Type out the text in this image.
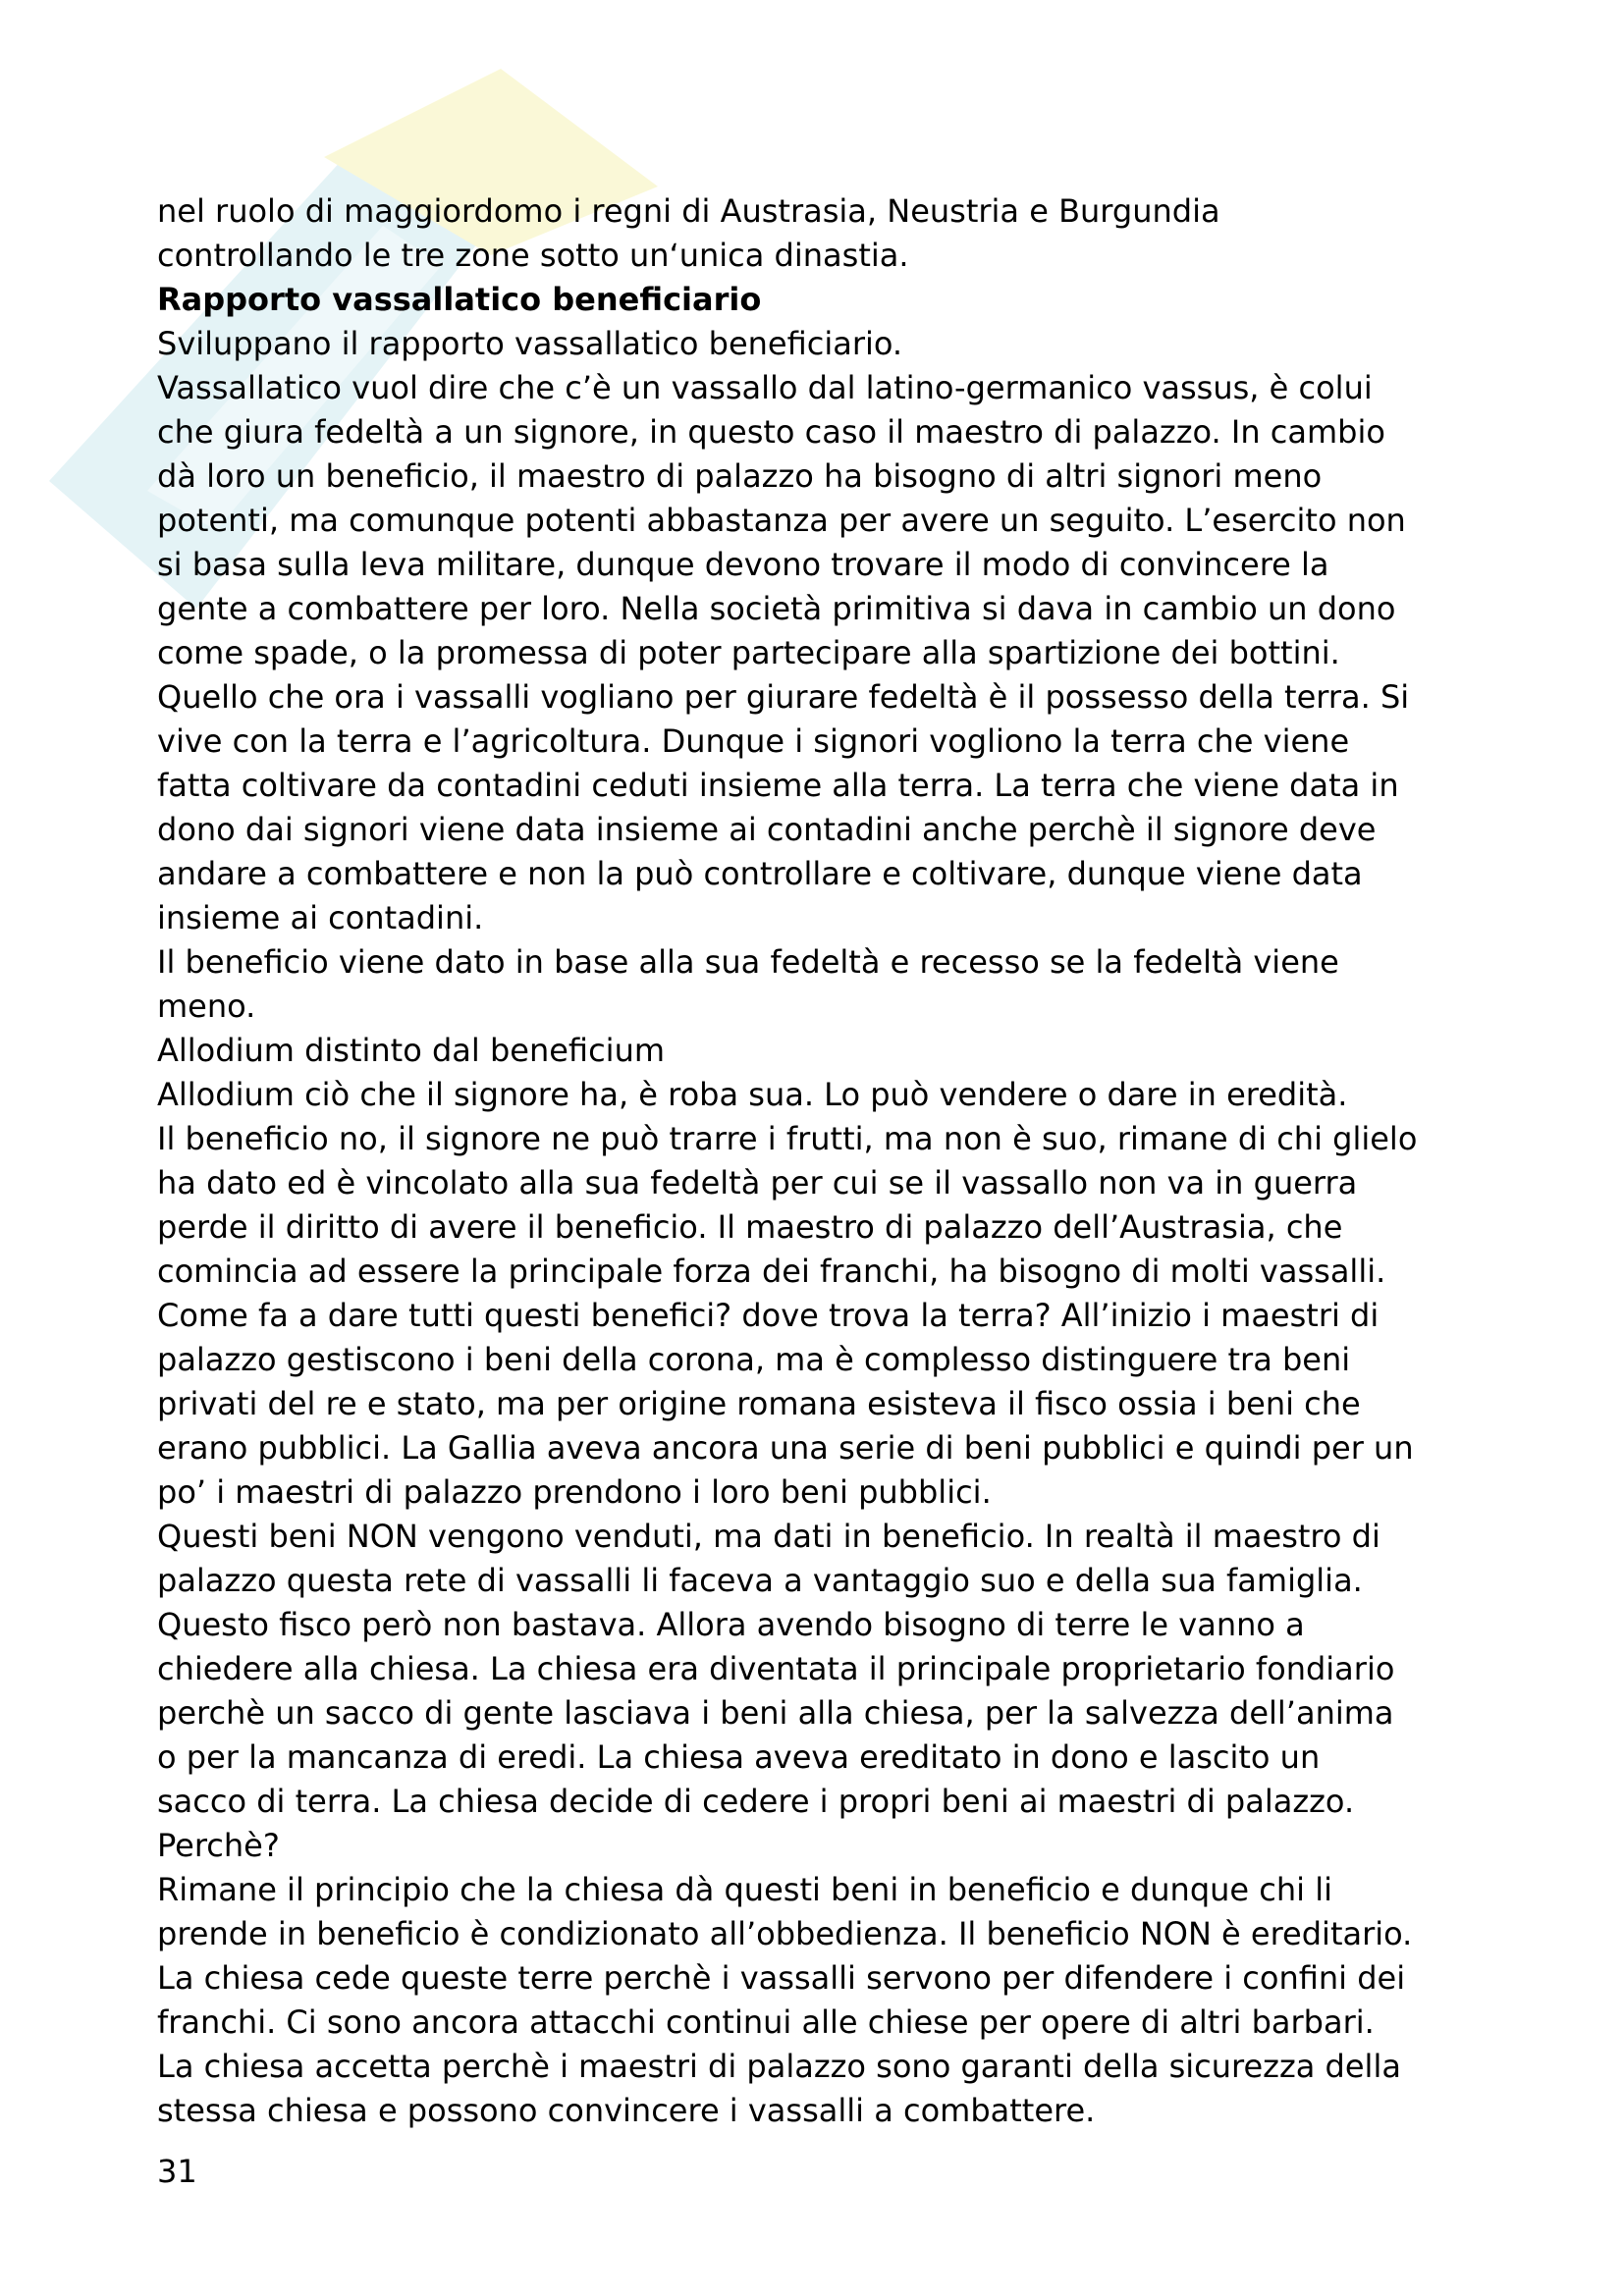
nel ruolo di maggiordomo i regni di Austrasia, Neustria e Burgundia
controllando le tre zone sotto un‘unica dinastia.
Rapporto vassallatico beneficiario
Sviluppano il rapporto vassallatico beneficiario.
Vassallatico vuol dire che c’è un vassallo dal latino-germanico vassus, è colui
che giura fedeltà a un signore, in questo caso il maestro di palazzo. In cambio
dà loro un beneficio, il maestro di palazzo ha bisogno di altri signori meno
potenti, ma comunque potenti abbastanza per avere un seguito. L’esercito non
si basa sulla leva militare, dunque devono trovare il modo di convincere la
gente a combattere per loro. Nella società primitiva si dava in cambio un dono
come spade, o la promessa di poter partecipare alla spartizione dei bottini.
Quello che ora i vassalli vogliano per giurare fedeltà è il possesso della terra. Si
vive con la terra e l’agricoltura. Dunque i signori vogliono la terra che viene
fatta coltivare da contadini ceduti insieme alla terra. La terra che viene data in
dono dai signori viene data insieme ai contadini anche perchè il signore deve
andare a combattere e non la può controllare e coltivare, dunque viene data
insieme ai contadini.
Il beneficio viene dato in base alla sua fedeltà e recesso se la fedeltà viene
meno.
Allodium distinto dal beneficium
Allodium ciò che il signore ha, è roba sua. Lo può vendere o dare in eredità.
Il beneficio no, il signore ne può trarre i frutti, ma non è suo, rimane di chi glielo
ha dato ed è vincolato alla sua fedeltà per cui se il vassallo non va in guerra
perde il diritto di avere il beneficio. Il maestro di palazzo dell’Austrasia, che
comincia ad essere la principale forza dei franchi, ha bisogno di molti vassalli.
Come fa a dare tutti questi benefici? dove trova la terra? All’inizio i maestri di
palazzo gestiscono i beni della corona, ma è complesso distinguere tra beni
privati del re e stato, ma per origine romana esisteva il fisco ossia i beni che
erano pubblici. La Gallia aveva ancora una serie di beni pubblici e quindi per un
po’ i maestri di palazzo prendono i loro beni pubblici.
Questi beni NON vengono venduti, ma dati in beneficio. In realtà il maestro di
palazzo questa rete di vassalli li faceva a vantaggio suo e della sua famiglia.
Questo fisco però non bastava. Allora avendo bisogno di terre le vanno a
chiedere alla chiesa. La chiesa era diventata il principale proprietario fondiario
perchè un sacco di gente lasciava i beni alla chiesa, per la salvezza dell’anima
o per la mancanza di eredi. La chiesa aveva ereditato in dono e lascito un
sacco di terra. La chiesa decide di cedere i propri beni ai maestri di palazzo.
Perchè?
Rimane il principio che la chiesa dà questi beni in beneficio e dunque chi li
prende in beneficio è condizionato all’obbedienza. Il beneficio NON è ereditario.
La chiesa cede queste terre perchè i vassalli servono per difendere i confini dei
franchi. Ci sono ancora attacchi continui alle chiese per opere di altri barbari.
La chiesa accetta perchè i maestri di palazzo sono garanti della sicurezza della
stessa chiesa e possono convincere i vassalli a combattere.
31
